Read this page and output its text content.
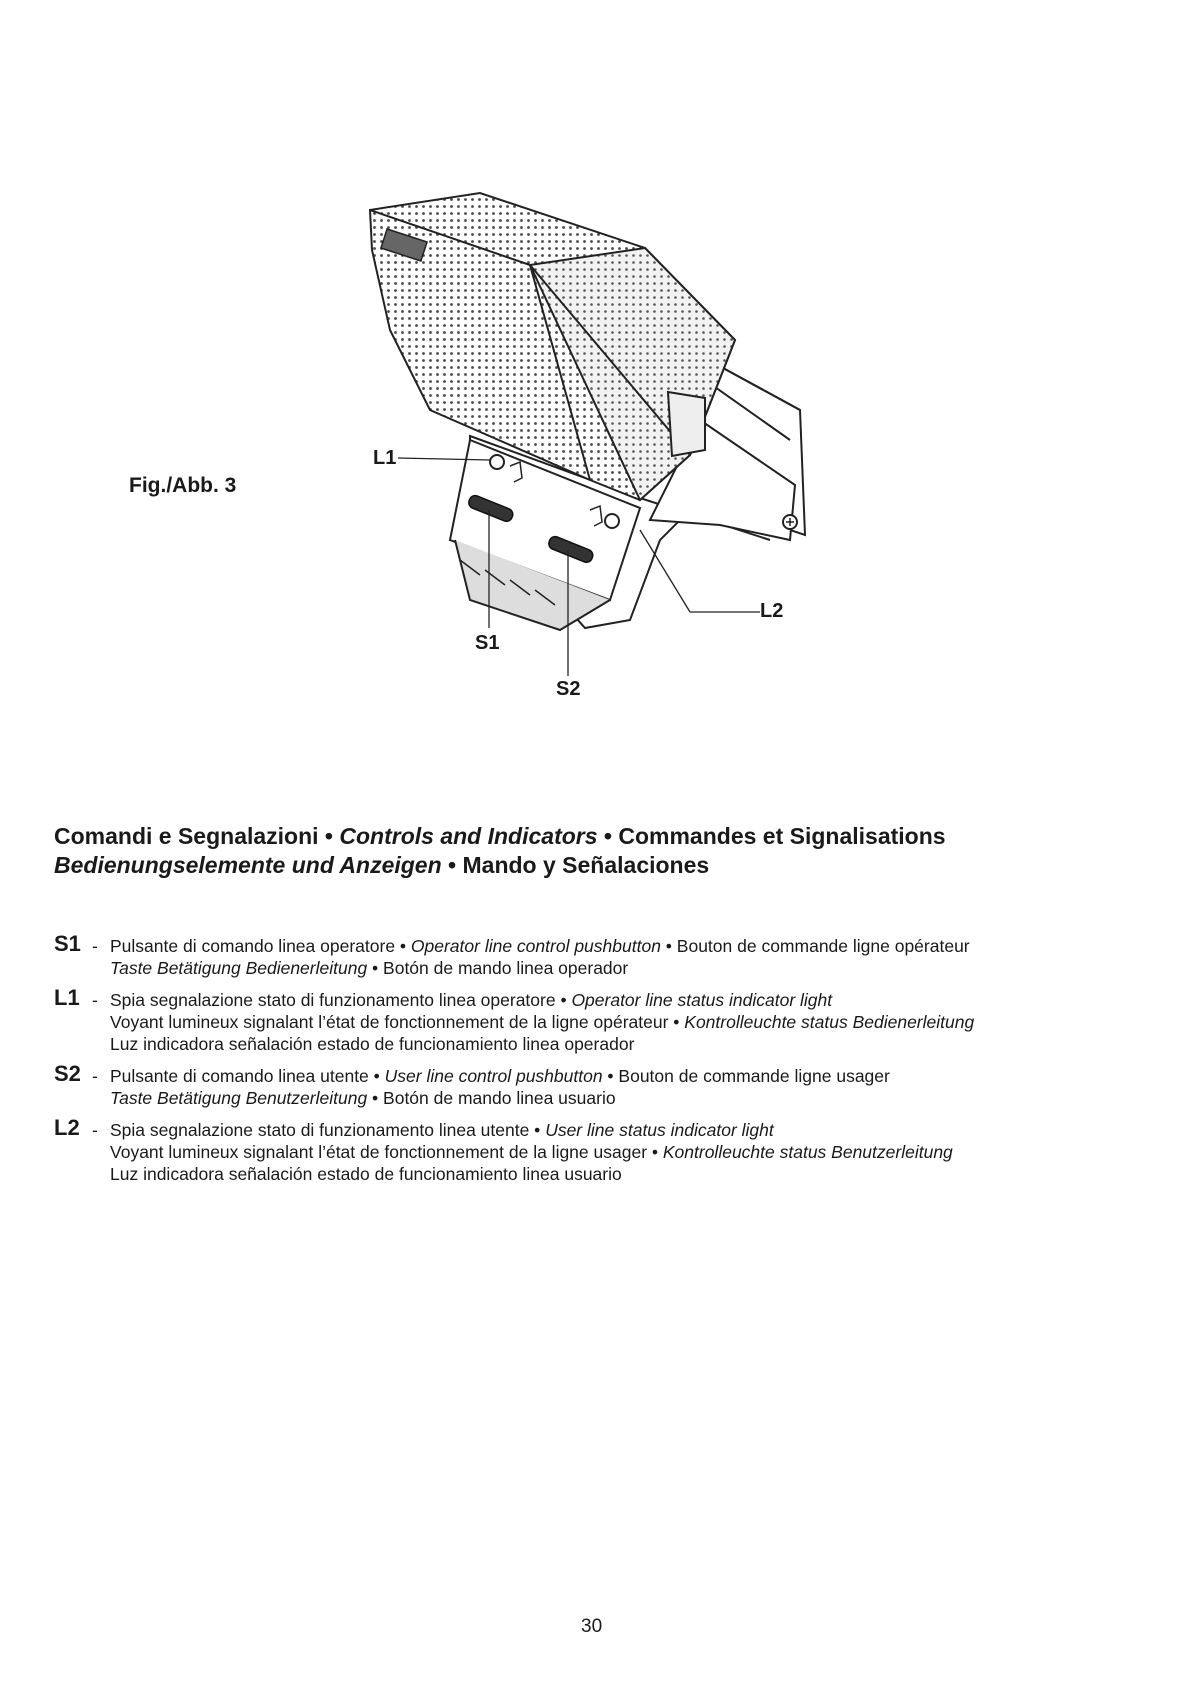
Fig./Abb. 3
L1
L2
S1
S2
Comandi e Segnalazioni • Controls and Indicators • Commandes et Signalisations
Bedienungselemente und Anzeigen • Mando y Señalaciones
S1 - Pulsante di comando linea operatore • Operator line control pushbutton • Bouton de commande ligne opérateur
Taste Betätigung Bedienerleitung • Botón de mando linea operador
L1 - Spia segnalazione stato di funzionamento linea operatore • Operator line status indicator light
Voyant lumineux signalant l’état de fonctionnement de la ligne opérateur • Kontrolleuchte status Bedienerleitung
Luz indicadora señalación estado de funcionamiento linea operador
S2 - Pulsante di comando linea utente • User line control pushbutton • Bouton de commande ligne usager
Taste Betätigung Benutzerleitung • Botón de mando linea usuario
L2 - Spia segnalazione stato di funzionamento linea utente • User line status indicator light
Voyant lumineux signalant l’état de fonctionnement de la ligne usager • Kontrolleuchte status Benutzerleitung
Luz indicadora señalación estado de funcionamiento linea usuario
30
